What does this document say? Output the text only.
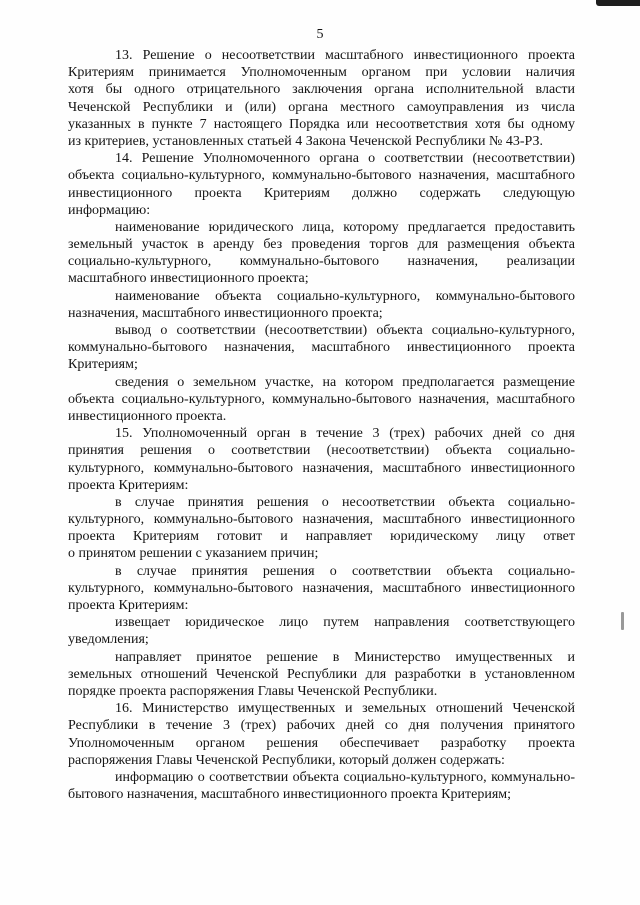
5
13. Решение о несоответствии масштабного инвестиционного проекта
Критериям принимается Уполномоченным органом при условии наличия
хотя бы одного отрицательного заключения органа исполнительной власти
Чеченской Республики и (или) органа местного самоуправления из числа
указанных в пункте 7 настоящего Порядка или несоответствия хотя бы одному
из критериев, установленных статьей 4 Закона Чеченской Республики № 43-РЗ.
14. Решение Уполномоченного органа о соответствии (несоответствии)
объекта социально-культурного, коммунально-бытового назначения, масштабного
инвестиционного проекта Критериям должно содержать следующую
информацию:
наименование юридического лица, которому предлагается предоставить
земельный участок в аренду без проведения торгов для размещения объекта
социально-культурного, коммунально-бытового назначения, реализации
масштабного инвестиционного проекта;
наименование объекта социально-культурного, коммунально-бытового
назначения, масштабного инвестиционного проекта;
вывод о соответствии (несоответствии) объекта социально-культурного,
коммунально-бытового назначения, масштабного инвестиционного проекта
Критериям;
сведения о земельном участке, на котором предполагается размещение
объекта социально-культурного, коммунально-бытового назначения, масштабного
инвестиционного проекта.
15. Уполномоченный орган в течение 3 (трех) рабочих дней со дня
принятия решения о соответствии (несоответствии) объекта социально-
культурного, коммунально-бытового назначения, масштабного инвестиционного
проекта Критериям:
в случае принятия решения о несоответствии объекта социально-
культурного, коммунально-бытового назначения, масштабного инвестиционного
проекта Критериям готовит и направляет юридическому лицу ответ
о принятом решении с указанием причин;
в случае принятия решения о соответствии объекта социально-
культурного, коммунально-бытового назначения, масштабного инвестиционного
проекта Критериям:
извещает юридическое лицо путем направления соответствующего
уведомления;
направляет принятое решение в Министерство имущественных и
земельных отношений Чеченской Республики для разработки в установленном
порядке проекта распоряжения Главы Чеченской Республики.
16. Министерство имущественных и земельных отношений Чеченской
Республики в течение 3 (трех) рабочих дней со дня получения принятого
Уполномоченным органом решения обеспечивает разработку проекта
распоряжения Главы Чеченской Республики, который должен содержать:
информацию о соответствии объекта социально-культурного, коммунально-
бытового назначения, масштабного инвестиционного проекта Критериям;
